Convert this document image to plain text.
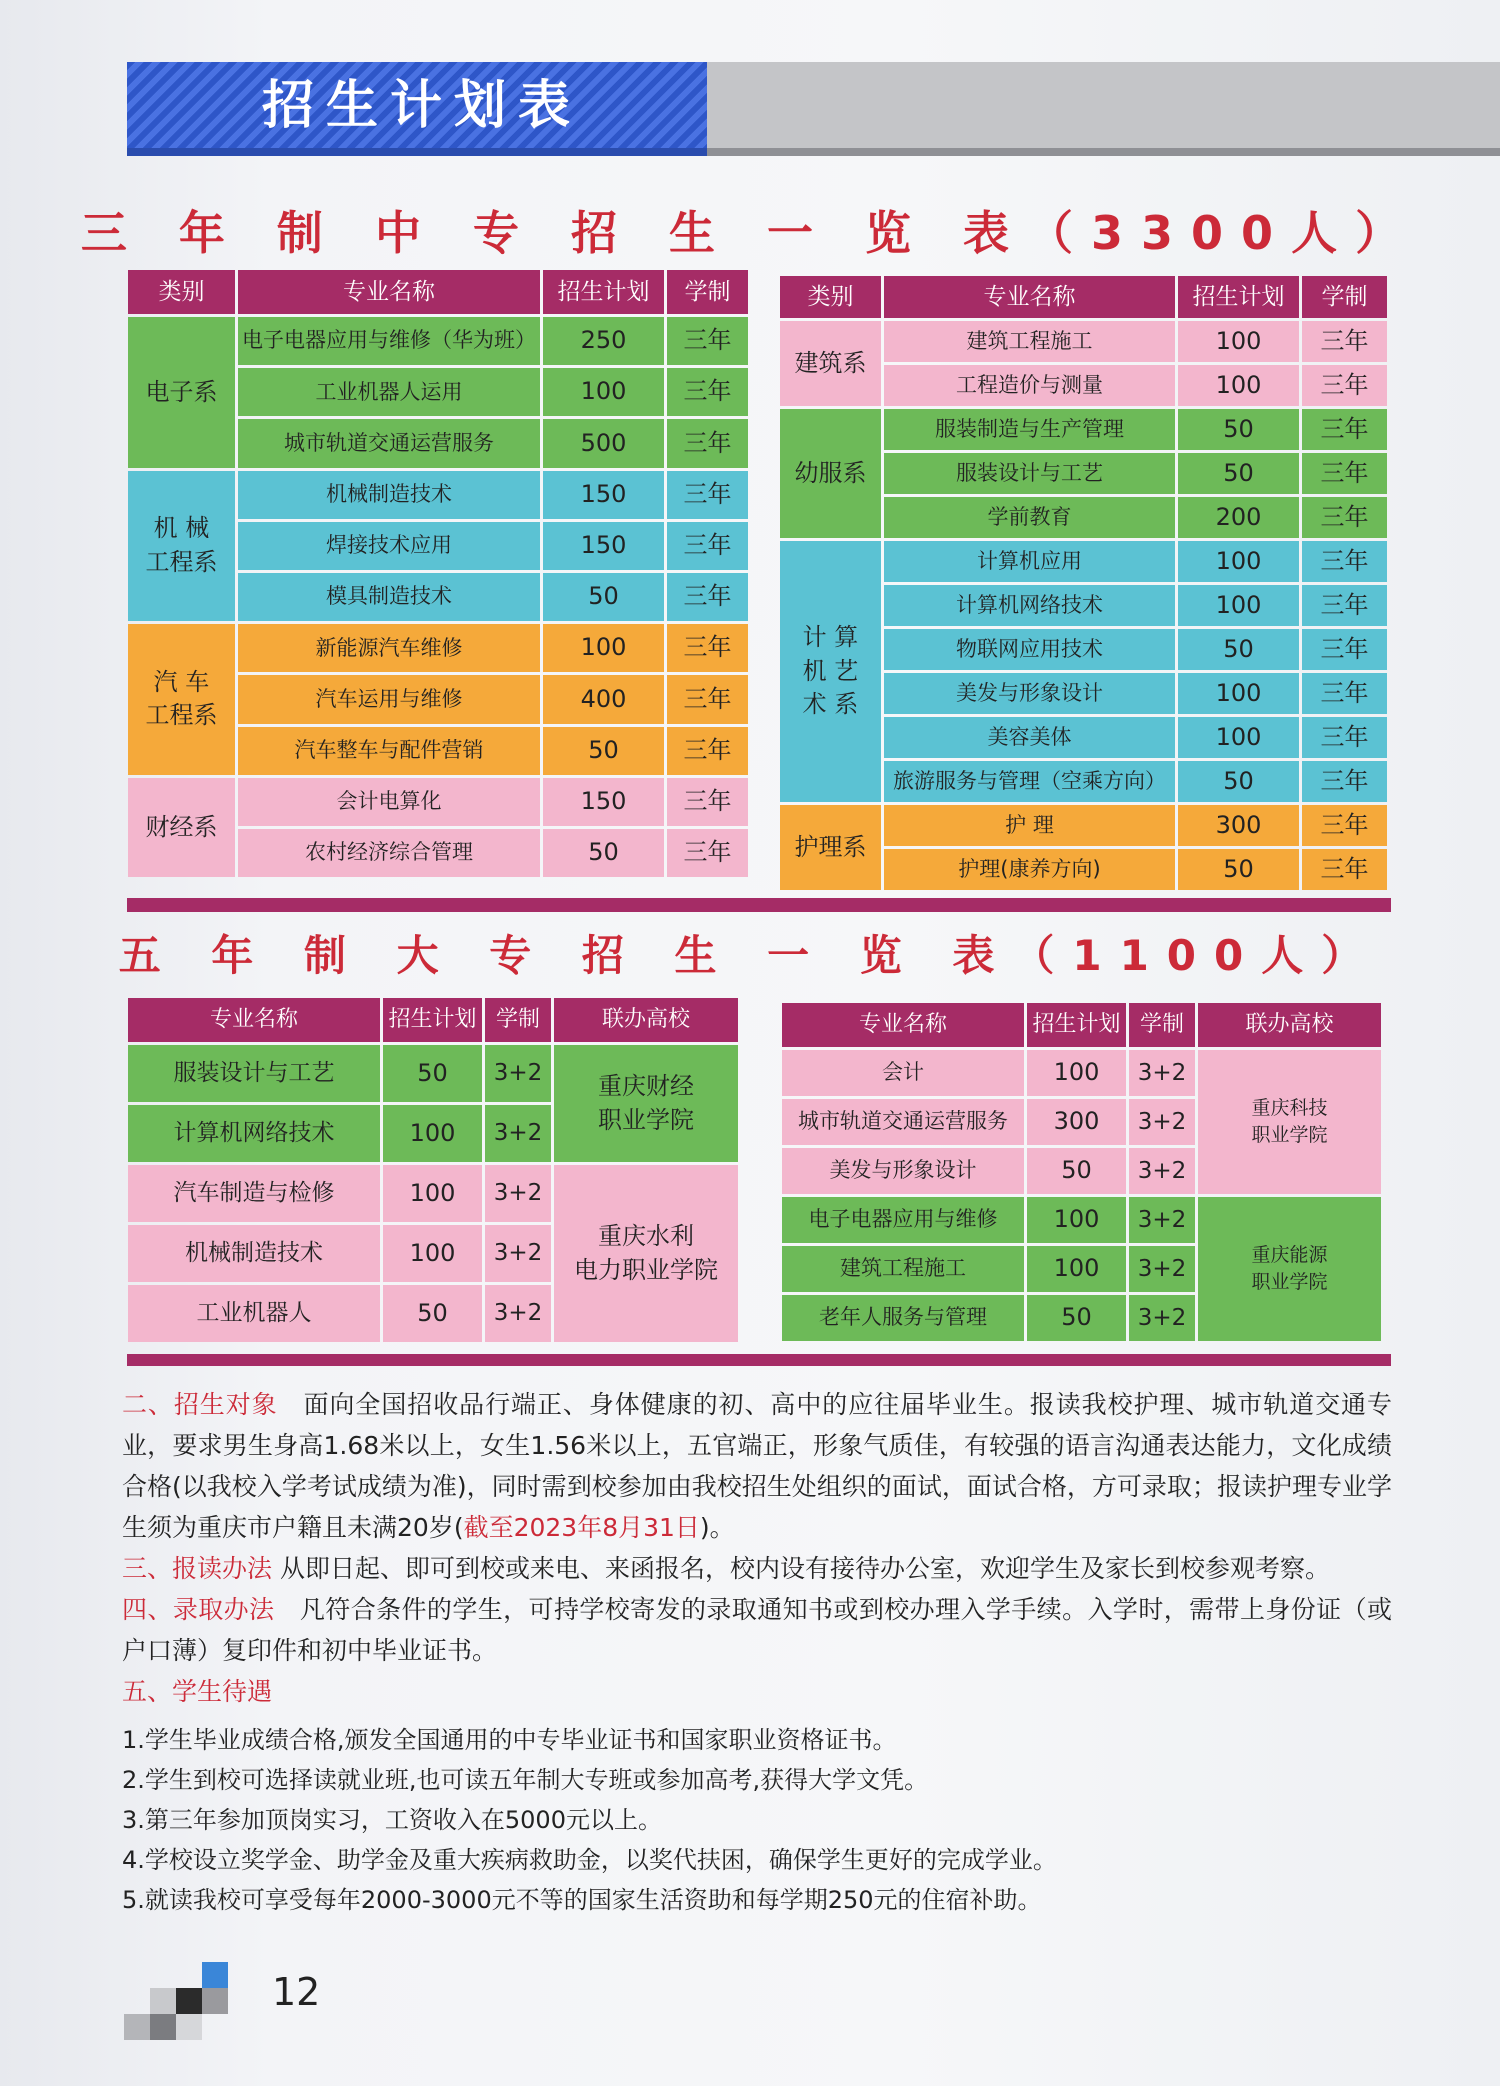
招生计划表
三 年 制 中 专 招 生 一 览 表（3300人）
类别	专业名称	招生计划	学制
电子系
电子电器应用与维修（华为班）	250	三年
工业机器人运用	100	三年
城市轨道交通运营服务	500	三年
机 械
工程系
机械制造技术	150	三年
焊接技术应用	150	三年
模具制造技术	50	三年
汽 车
工程系
新能源汽车维修	100	三年
汽车运用与维修	400	三年
汽车整车与配件营销	50	三年
财经系
会计电算化	150	三年
农村经济综合管理	50	三年
类别	专业名称	招生计划	学制
建筑系
建筑工程施工	100	三年
工程造价与测量	100	三年
幼服系
服装制造与生产管理	50	三年
服装设计与工艺	50	三年
学前教育	200	三年
计 算
机 艺
术 系
计算机应用	100	三年
计算机网络技术	100	三年
物联网应用技术	50	三年
美发与形象设计	100	三年
美容美体	100	三年
旅游服务与管理（空乘方向）	50	三年
护理系
护 理	300	三年
护理(康养方向)	50	三年
五 年 制 大 专 招 生 一 览 表（1100人）
专业名称	招生计划 学制	联办高校
重庆财经
职业学院
服装设计与工艺	50	3+2
计算机网络技术	100	3+2
重庆水利
电力职业学院
汽车制造与检修	100	3+2
机械制造技术	100	3+2
工业机器人	50	3+2
专业名称	招生计划 学制	联办高校
重庆科技
职业学院
会计	100	3+2
城市轨道交通运营服务	300	3+2
美发与形象设计	50	3+2
重庆能源
职业学院
电子电器应用与维修	100	3+2
建筑工程施工	100	3+2
老年人服务与管理	50	3+2
二、招生对象　 面向全国招收品行端正、身体健康的初、高中的应往届毕业生。报读我校护理、城市轨道交通专业，要求男生身高1.68米以上，女生1.56米以上，五官端正，形象气质佳，有较强的语言沟通表达能力，文化成绩合格(以我校入学考试成绩为准)，同时需到校参加由我校招生处组织的面试，面试合格，方可录取；报读护理专业学生须为重庆市户籍且未满20岁(截至2023年8月31日)。
三、报读办法 从即日起、即可到校或来电、来函报名，校内设有接待办公室，欢迎学生及家长到校参观考察。
四、录取办法　 凡符合条件的学生，可持学校寄发的录取通知书或到校办理入学手续。入学时，需带上身份证（或户口薄）复印件和初中毕业证书。
五、学生待遇
1.学生毕业成绩合格,颁发全国通用的中专毕业证书和国家职业资格证书。
2.学生到校可选择读就业班,也可读五年制大专班或参加高考,获得大学文凭。
3.第三年参加顶岗实习，工资收入在5000元以上。
4.学校设立奖学金、助学金及重大疾病救助金，以奖代扶困，确保学生更好的完成学业。
5.就读我校可享受每年2000-3000元不等的国家生活资助和每学期250元的住宿补助。
12
